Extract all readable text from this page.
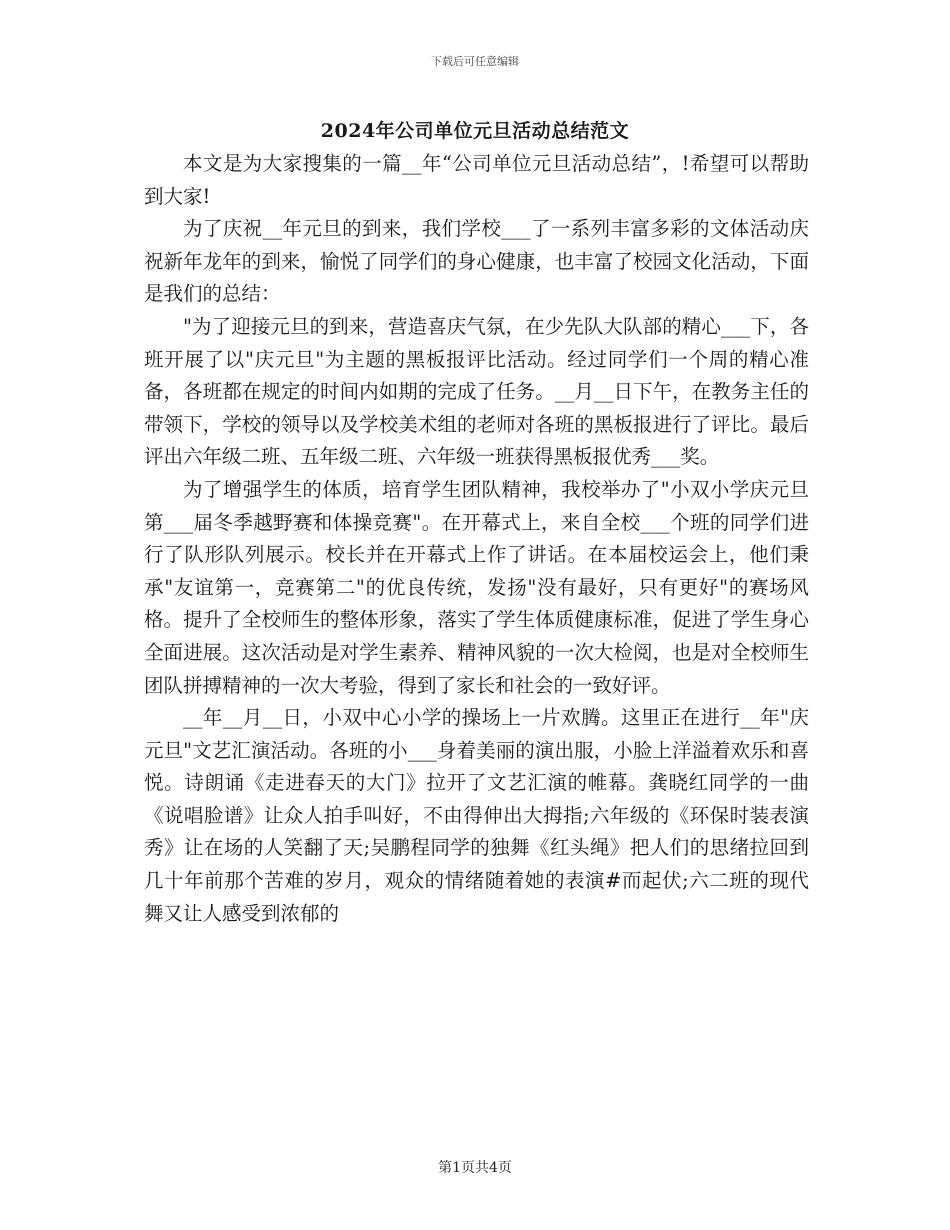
下载后可任意编辑
2024年公司单位元旦活动总结范文

本文是为大家搜集的一篇__年“公司单位元旦活动总结”，!希望可以帮助到大家!

为了庆祝__年元旦的到来，我们学校___了一系列丰富多彩的文体活动庆祝新年龙年的到来，愉悦了同学们的身心健康，也丰富了校园文化活动，下面是我们的总结：

"为了迎接元旦的到来，营造喜庆气氛，在少先队大队部的精心___下，各班开展了以"庆元旦"为主题的黑板报评比活动。经过同学们一个周的精心准备，各班都在规定的时间内如期的完成了任务。__月__日下午，在教务主任的带领下，学校的领导以及学校美术组的老师对各班的黑板报进行了评比。最后评出六年级二班、五年级二班、六年级一班获得黑板报优秀___奖。

为了增强学生的体质，培育学生团队精神，我校举办了"小双小学庆元旦第___届冬季越野赛和体操竞赛"。在开幕式上，来自全校___个班的同学们进行了队形队列展示。校长并在开幕式上作了讲话。在本届校运会上，他们秉承"友谊第一，竞赛第二"的优良传统，发扬"没有最好，只有更好"的赛场风格。提升了全校师生的整体形象，落实了学生体质健康标准，促进了学生身心全面进展。这次活动是对学生素养、精神风貌的一次大检阅，也是对全校师生团队拼搏精神的一次大考验，得到了家长和社会的一致好评。

__年__月__日，小双中心小学的操场上一片欢腾。这里正在进行__年"庆元旦"文艺汇演活动。各班的小___身着美丽的演出服，小脸上洋溢着欢乐和喜悦。诗朗诵《走进春天的大门》拉开了文艺汇演的帷幕。龚晓红同学的一曲《说唱脸谱》让众人拍手叫好，不由得伸出大拇指;六年级的《环保时装表演秀》让在场的人笑翻了天;吴鹏程同学的独舞《红头绳》把人们的思绪拉回到几十年前那个苦难的岁月，观众的情绪随着她的表演#而起伏;六二班的现代舞又让人感受到浓郁的

第1页共4页
